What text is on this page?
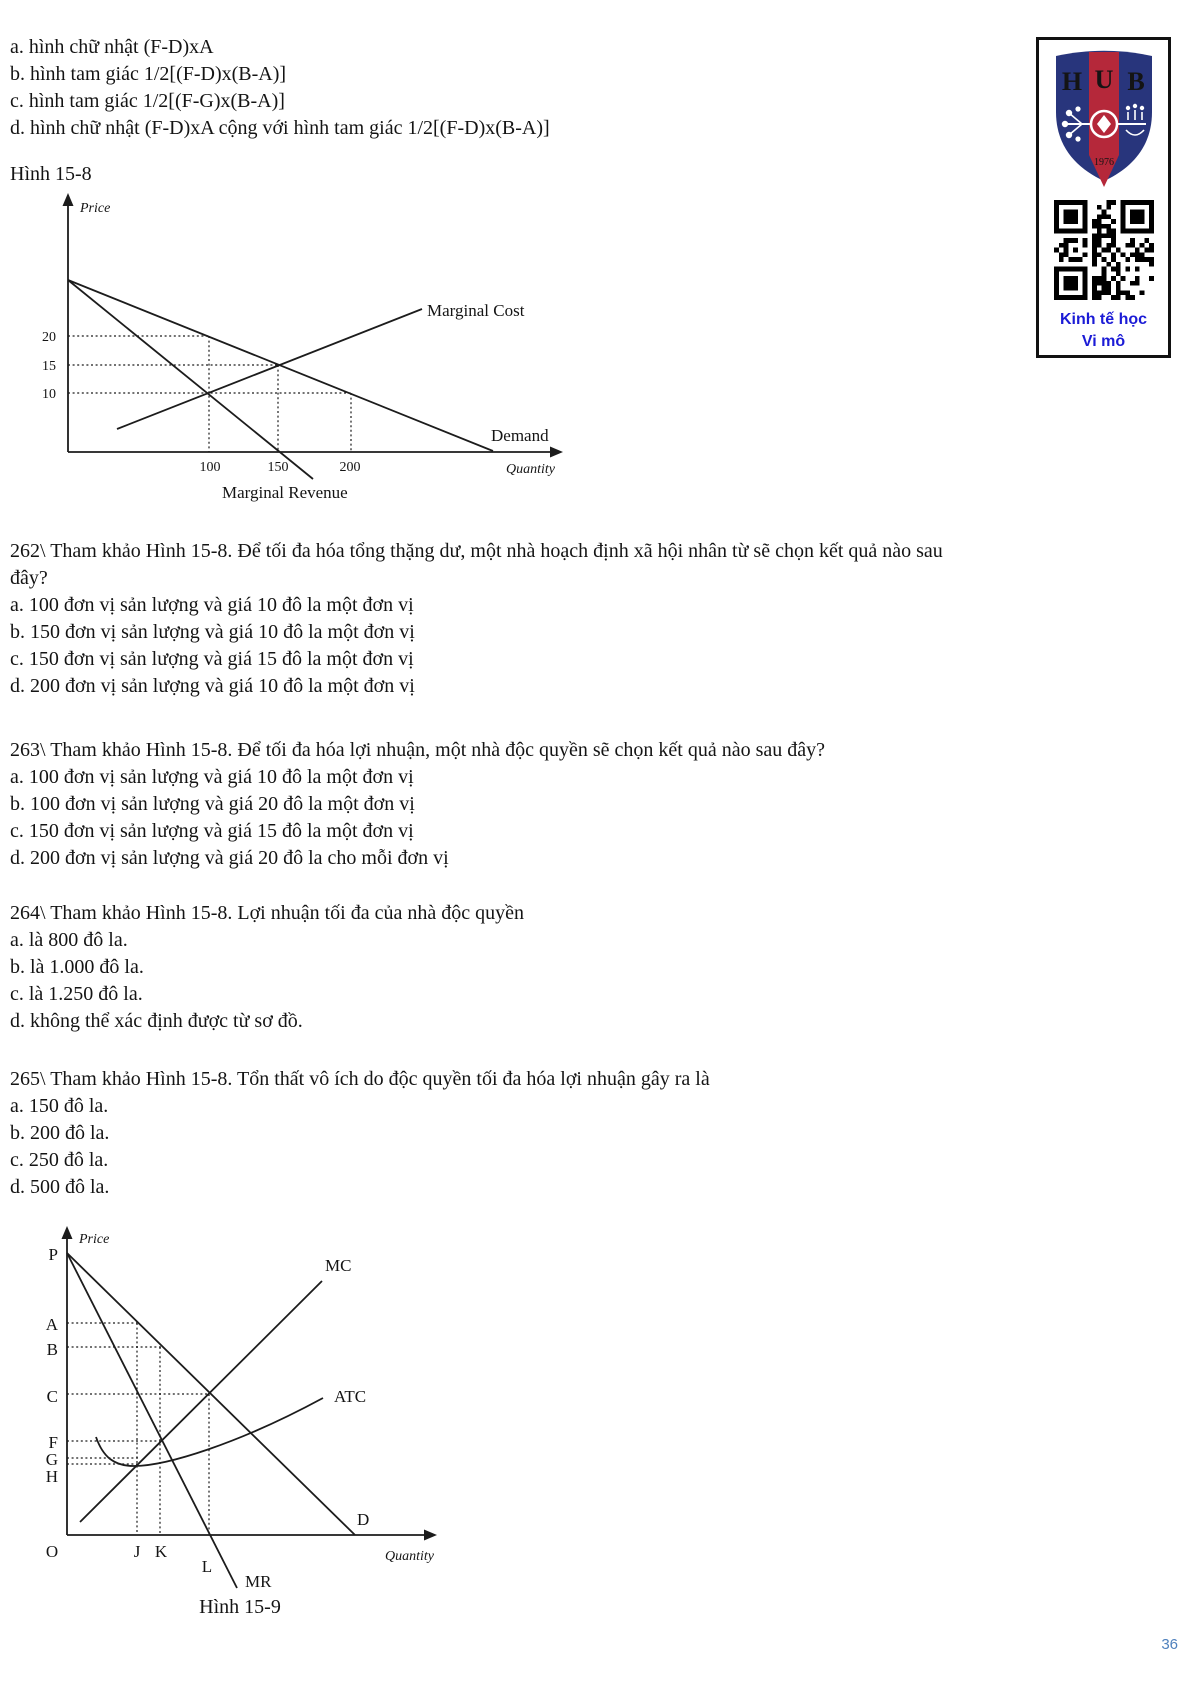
a. hình chữ nhật (F-D)xA
b. hình tam giác 1/2[(F-D)x(B-A)]
c. hình tam giác 1/2[(F-G)x(B-A)]
d. hình chữ nhật (F-D)xA cộng với hình tam giác 1/2[(F-D)x(B-A)]
Hình 15-8
262\ Tham khảo Hình 15-8. Để tối đa hóa tổng thặng dư, một nhà hoạch định xã hội nhân từ sẽ chọn kết quả nào sau
đây?
a. 100 đơn vị sản lượng và giá 10 đô la một đơn vị
b. 150 đơn vị sản lượng và giá 10 đô la một đơn vị
c. 150 đơn vị sản lượng và giá 15 đô la một đơn vị
d. 200 đơn vị sản lượng và giá 10 đô la một đơn vị
263\ Tham khảo Hình 15-8. Để tối đa hóa lợi nhuận, một nhà độc quyền sẽ chọn kết quả nào sau đây?
a. 100 đơn vị sản lượng và giá 10 đô la một đơn vị
b. 100 đơn vị sản lượng và giá 20 đô la một đơn vị
c. 150 đơn vị sản lượng và giá 15 đô la một đơn vị
d. 200 đơn vị sản lượng và giá 20 đô la cho mỗi đơn vị
264\ Tham khảo Hình 15-8. Lợi nhuận tối đa của nhà độc quyền
a. là 800 đô la.
b. là 1.000 đô la.
c. là 1.250 đô la.
d. không thể xác định được từ sơ đồ.
265\ Tham khảo Hình 15-8. Tổn thất vô ích do độc quyền tối đa hóa lợi nhuận gây ra là
a. 150 đô la.
b. 200 đô la.
c. 250 đô la.
d. 500 đô la.
Hình 15-9
36
Price
Quantity
20
15
10
100	150	200
Marginal Cost
Demand
Marginal Revenue
Price
Quantity
P
A
B
C
F
G
H
O	J K
L
MC
ATC
D
MR
H U B
1976
Kinh tế học
Vi mô
